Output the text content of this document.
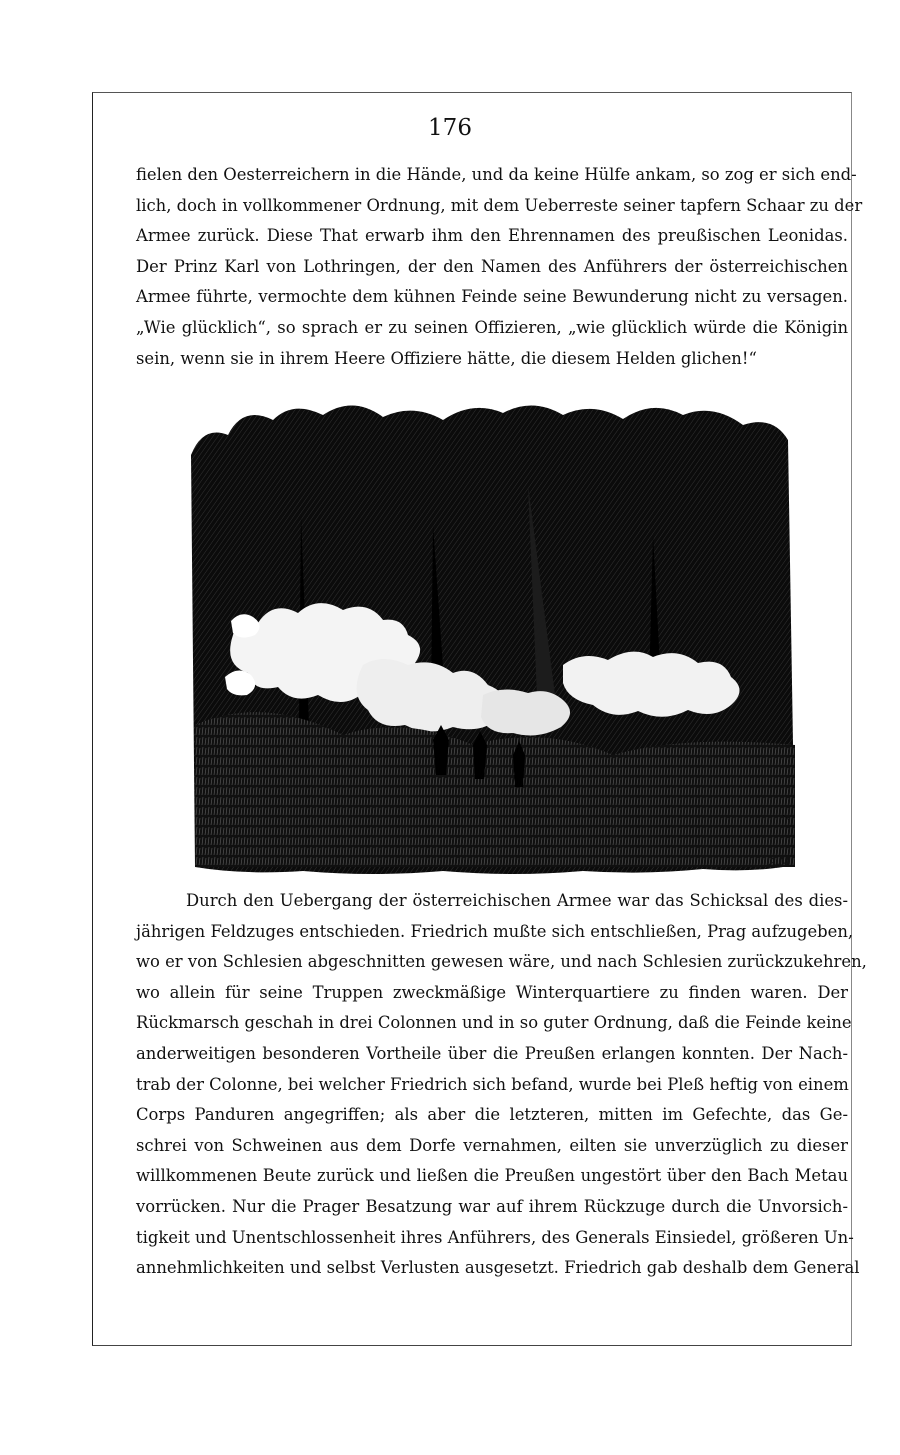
176
fielen den Oesterreichern in die Hände, und da keine Hülfe ankam, so zog er sich end-
lich, doch in vollkommener Ordnung, mit dem Ueberreste seiner tapfern Schaar zu der
Armee zurück. Diese That erwarb ihm den Ehrennamen des preußischen Leonidas.
Der Prinz Karl von Lothringen, der den Namen des Anführers der österreichischen
Armee führte, vermochte dem kühnen Feinde seine Bewunderung nicht zu versagen.
„Wie glücklich“, so sprach er zu seinen Offizieren, „wie glücklich würde die Königin
sein, wenn sie in ihrem Heere Offiziere hätte, die diesem Helden glichen!“
A.M.
Durch den Uebergang der österreichischen Armee war das Schicksal des dies-
jährigen Feldzuges entschieden. Friedrich mußte sich entschließen, Prag aufzugeben,
wo er von Schlesien abgeschnitten gewesen wäre, und nach Schlesien zurückzukehren,
wo allein für seine Truppen zweckmäßige Winterquartiere zu finden waren. Der
Rückmarsch geschah in drei Colonnen und in so guter Ordnung, daß die Feinde keine
anderweitigen besonderen Vortheile über die Preußen erlangen konnten. Der Nach-
trab der Colonne, bei welcher Friedrich sich befand, wurde bei Pleß heftig von einem
Corps Panduren angegriffen; als aber die letzteren, mitten im Gefechte, das Ge-
schrei von Schweinen aus dem Dorfe vernahmen, eilten sie unverzüglich zu dieser
willkommenen Beute zurück und ließen die Preußen ungestört über den Bach Metau
vorrücken. Nur die Prager Besatzung war auf ihrem Rückzuge durch die Unvorsich-
tigkeit und Unentschlossenheit ihres Anführers, des Generals Einsiedel, größeren Un-
annehmlichkeiten und selbst Verlusten ausgesetzt. Friedrich gab deshalb dem General
